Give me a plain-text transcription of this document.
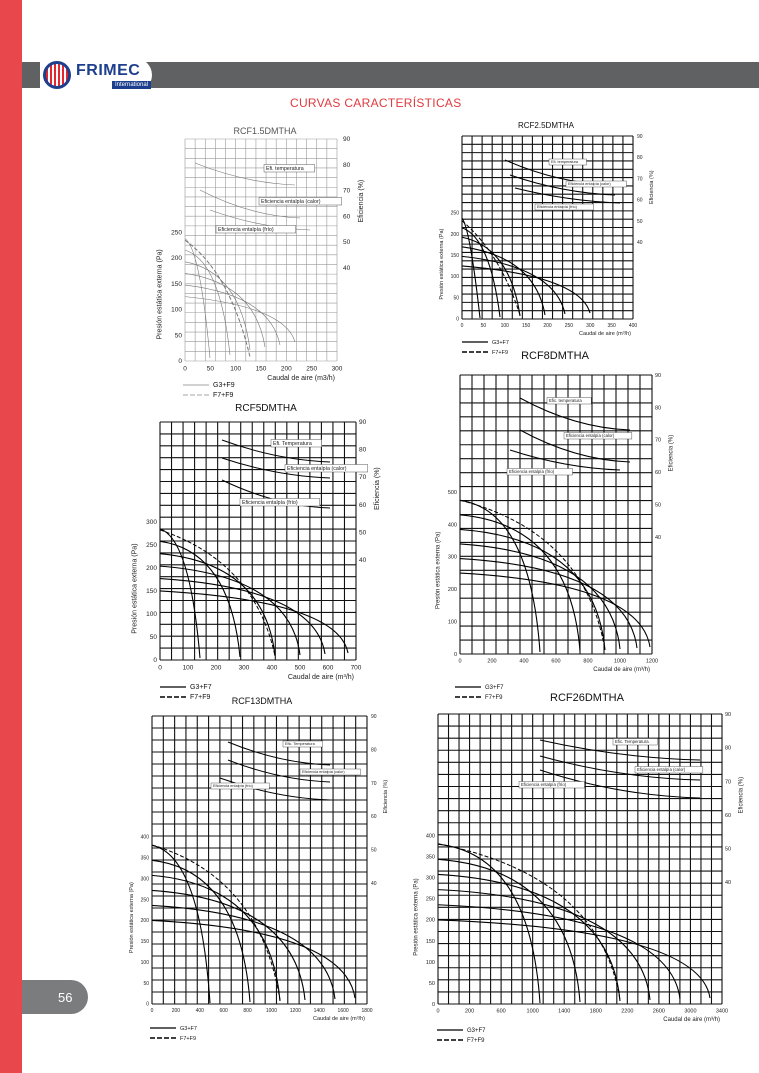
FRIMEC
International
CURVAS CARACTERÍSTICAS
RCF1.5DMTHA
0	50	100 150 200 250 300
0
50
100
150
200
250
40
50
60
70
80
90
Caudal de aire (m3/h)
Presión estática externa (Pa)
Eficiencia (%)
Efi. temperatura
Eficiencia entalpía (calor)
Eficiencia entalpía (frío)
G3+F9
F7+F9
RCF2.5DMTHA
0	50	100	150	200	250	300	350	400
0
50
100
150
200
250
40
50
60
70
80
90
Caudal de aire (m³/h)
Presión estática externa (Pa)
Eficiencia (%)
Efi. temperatura
Eficiencia entalpía (calor)
Eficiencia entalpía (frío)
G3+F7
F7+F9
RCF5DMTHA
0	100	200	300	400	500	600	700
0
50
100
150
200
250
300
40
50
60
70
80
90
Caudal de aire (m³/h)
Presión estática externa (Pa)
Eficiencia (%)
Efi. Temperatura
Eficiencia entalpía (calor)
Eficiencia entalpía (frío)
G3+F7
F7+F9
RCF8DMTHA
0	200	400	600	800	1000	1200
0
100
200
300
400
500
40
50
60
70
80
90
Caudal de aire (m³/h)
Presión estática externa (Pa)
Eficiencia (%)
Efic. temperatura
Eficiencia entalpía (calor)
Eficiencia entalpía (frío)
G3+F7
F7+F9
RCF13DMTHA
0	200	400	600	800	1000	1200	1400	1600	1800
0
50
100
150
200
250
300
350
400
40
50
60
70
80
90
Caudal de aire (m³/h)
Presión estática externa (Pa)
Eficiencia (%)
Efic. Temperatura
Eficiencia entalpía (calor)
Eficiencia entalpía (frío)
G3+F7
F7+F9
RCF26DMTHA
0	200	600	1000	1400	1800	2200	2600	3000	3400
0
50
100
150
200
250
300
350
400
40
50
60
70
80
90
Caudal de aire (m³/h)
Presión estática externa (Pa)
Eficiencia (%)
Efic. Temperatura
Eficiencia entalpía (calor)
Eficiencia entalpía (frío)
G3+F7
F7+F9
56
